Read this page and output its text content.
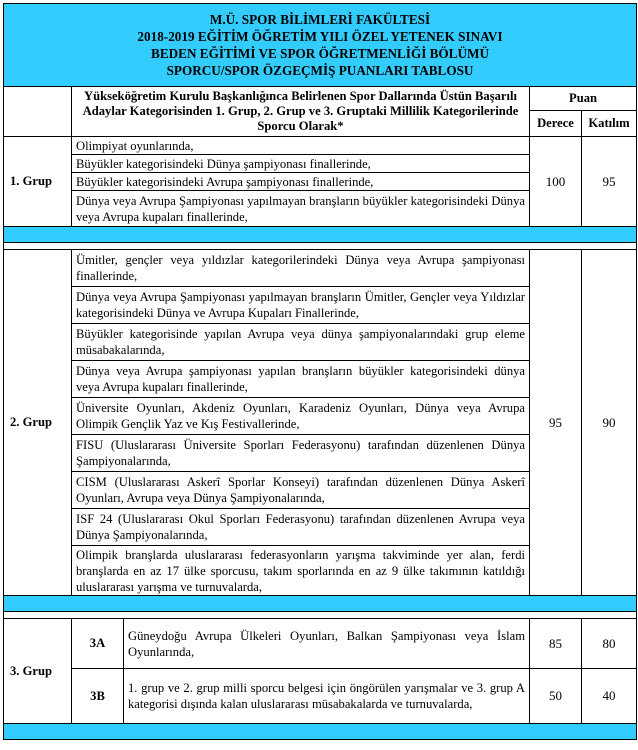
M.Ü. SPOR BİLİMLERİ FAKÜLTESİ
2018-2019 EĞİTİM ÖĞRETİM YILI ÖZEL YETENEK SINAVI
BEDEN EĞİTİMİ VE SPOR ÖĞRETMENLİĞİ BÖLÜMÜ
SPORCU/SPOR ÖZGEÇMİŞ PUANLARI TABLOSU				

	Yükseköğretim Kurulu Başkanlığınca Belirlenen Spor Dallarında Üstün Başarılı Adaylar Kategorisinden 1. Grup, 2. Grup ve 3. Gruptaki Millilik Kategorilerinde Sporcu Olarak*		Puan	
			Derece	Katılım
1. Grup	Olimpiyat oyunlarında,		100	95
	Büyükler kategorisindeki Dünya şampiyonası finallerinde,			
	Büyükler kategorisindeki Avrupa şampiyonası finallerinde,			
	Dünya veya Avrupa Şampiyonası yapılmayan branşların büyükler kategorisindeki Dünya veya Avrupa kupaları finallerinde,			

2. Grup	Ümitler, gençler veya yıldızlar kategorilerindeki Dünya veya Avrupa şampiyonası finallerinde,		95	90
	Dünya veya Avrupa Şampiyonası yapılmayan branşların Ümitler, Gençler veya Yıldızlar kategorisindeki Dünya ve Avrupa Kupaları Finallerinde,			
	Büyükler kategorisinde yapılan Avrupa veya dünya şampiyonalarındaki grup eleme müsabakalarında,			
	Dünya veya Avrupa şampiyonası yapılan branşların büyükler kategorisindeki dünya veya Avrupa kupaları finallerinde,			
	Üniversite Oyunları, Akdeniz Oyunları, Karadeniz Oyunları, Dünya veya Avrupa Olimpik Gençlik Yaz ve Kış Festivallerinde,			
	FISU (Uluslararası Üniversite Sporları Federasyonu) tarafından düzenlenen Dünya Şampiyonalarında,			
	CISM (Uluslararası Askerî Sporlar Konseyi) tarafından düzenlenen Dünya Askerî Oyunları, Avrupa veya Dünya Şampiyonalarında,			
	ISF 24 (Uluslararası Okul Sporları Federasyonu) tarafından düzenlenen Avrupa veya Dünya Şampiyonalarında,			
	Olimpik branşlarda uluslararası federasyonların yarışma takviminde yer alan, ferdi branşlarda en az 17 ülke sporcusu, takım sporlarında en az 9 ülke takımının katıldığı uluslararası yarışma ve turnuvalarda,			

3. Grup	3A	Güneydoğu Avrupa Ülkeleri Oyunları, Balkan Şampiyonası veya İslam Oyunlarında,	85	80
	3B	1. grup ve 2. grup milli sporcu belgesi için öngörülen yarışmalar ve 3. grup A kategorisi dışında kalan uluslararası müsabakalarda ve turnuvalarda,	50	40
